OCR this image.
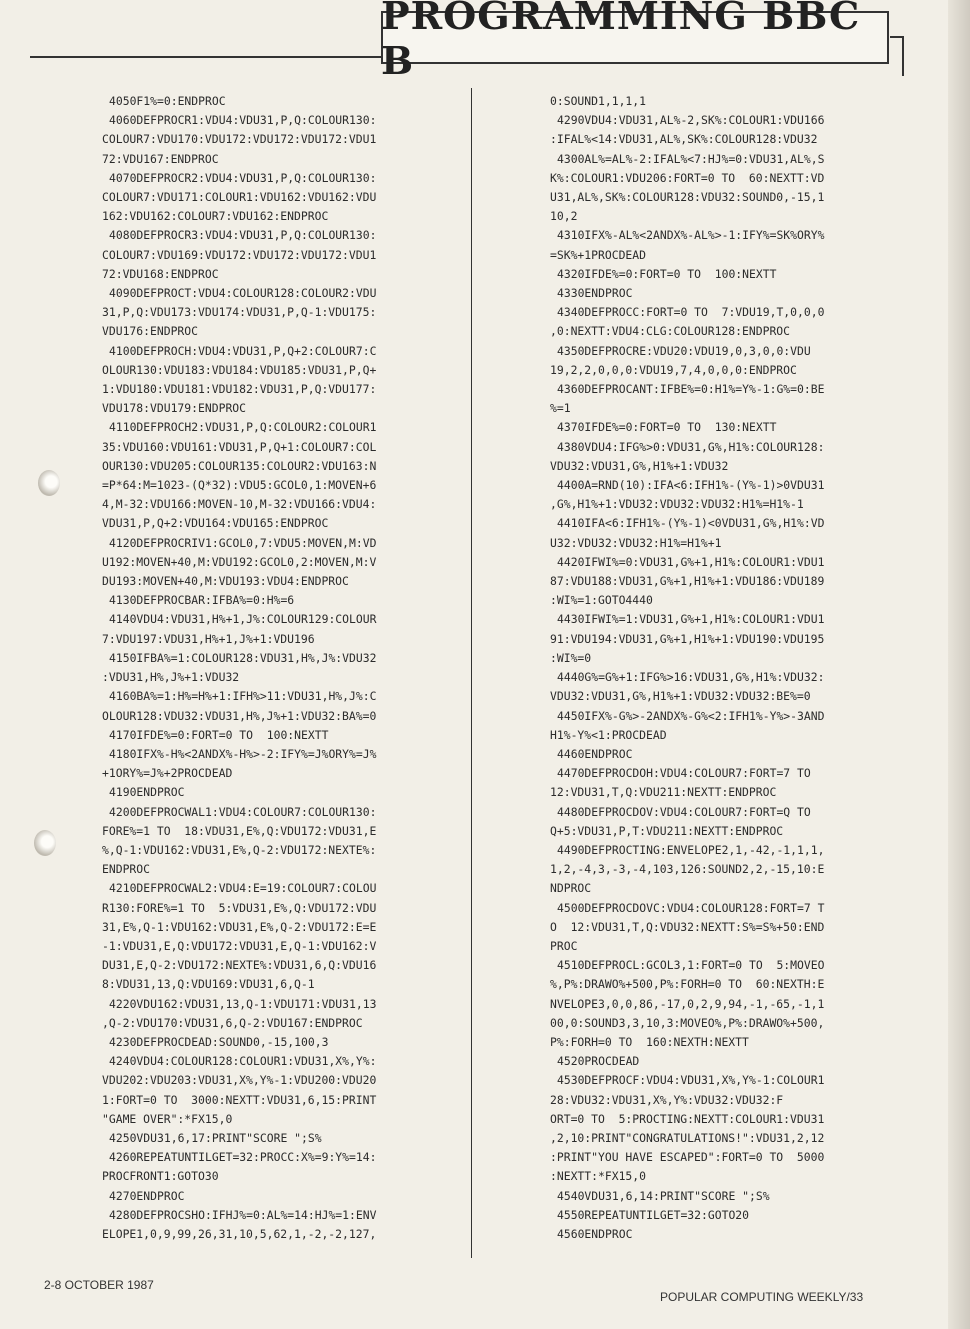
PROGRAMMING BBC B
4050F1%=0:ENDPROC
4060DEFPROCR1:VDU4:VDU31,P,Q:COLOUR130:
COLOUR7:VDU170:VDU172:VDU172:VDU172:VDU1
72:VDU167:ENDPROC
4070DEFPROCR2:VDU4:VDU31,P,Q:COLOUR130:
COLOUR7:VDU171:COLOUR1:VDU162:VDU162:VDU
162:VDU162:COLOUR7:VDU162:ENDPROC
4080DEFPROCR3:VDU4:VDU31,P,Q:COLOUR130:
COLOUR7:VDU169:VDU172:VDU172:VDU172:VDU1
72:VDU168:ENDPROC
4090DEFPROCT:VDU4:COLOUR128:COLOUR2:VDU
31,P,Q:VDU173:VDU174:VDU31,P,Q-1:VDU175:
VDU176:ENDPROC
4100DEFPROCH:VDU4:VDU31,P,Q+2:COLOUR7:C
OLOUR130:VDU183:VDU184:VDU185:VDU31,P,Q+
1:VDU180:VDU181:VDU182:VDU31,P,Q:VDU177:
VDU178:VDU179:ENDPROC
4110DEFPROCH2:VDU31,P,Q:COLOUR2:COLOUR1
35:VDU160:VDU161:VDU31,P,Q+1:COLOUR7:COL
OUR130:VDU205:COLOUR135:COLOUR2:VDU163:N
=P*64:M=1023-(Q*32):VDU5:GCOL0,1:MOVEN+6
4,M-32:VDU166:MOVEN-10,M-32:VDU166:VDU4:
VDU31,P,Q+2:VDU164:VDU165:ENDPROC
4120DEFPROCRIV1:GCOL0,7:VDU5:MOVEN,M:VD
U192:MOVEN+40,M:VDU192:GCOL0,2:MOVEN,M:V
DU193:MOVEN+40,M:VDU193:VDU4:ENDPROC
4130DEFPROCBAR:IFBA%=0:H%=6
4140VDU4:VDU31,H%+1,J%:COLOUR129:COLOUR
7:VDU197:VDU31,H%+1,J%+1:VDU196
4150IFBA%=1:COLOUR128:VDU31,H%,J%:VDU32
:VDU31,H%,J%+1:VDU32
4160BA%=1:H%=H%+1:IFH%>11:VDU31,H%,J%:C
OLOUR128:VDU32:VDU31,H%,J%+1:VDU32:BA%=0
4170IFDE%=0:FORT=0 TO  100:NEXTT
4180IFX%-H%<2ANDX%-H%>-2:IFY%=J%ORY%=J%
+1ORY%=J%+2PROCDEAD
4190ENDPROC
4200DEFPROCWAL1:VDU4:COLOUR7:COLOUR130:
FORE%=1 TO  18:VDU31,E%,Q:VDU172:VDU31,E
%,Q-1:VDU162:VDU31,E%,Q-2:VDU172:NEXTE%:
ENDPROC
4210DEFPROCWAL2:VDU4:E=19:COLOUR7:COLOU
R130:FORE%=1 TO  5:VDU31,E%,Q:VDU172:VDU
31,E%,Q-1:VDU162:VDU31,E%,Q-2:VDU172:E=E
-1:VDU31,E,Q:VDU172:VDU31,E,Q-1:VDU162:V
DU31,E,Q-2:VDU172:NEXTE%:VDU31,6,Q:VDU16
8:VDU31,13,Q:VDU169:VDU31,6,Q-1
4220VDU162:VDU31,13,Q-1:VDU171:VDU31,13
,Q-2:VDU170:VDU31,6,Q-2:VDU167:ENDPROC
4230DEFPROCDEAD:SOUND0,-15,100,3
4240VDU4:COLOUR128:COLOUR1:VDU31,X%,Y%:
VDU202:VDU203:VDU31,X%,Y%-1:VDU200:VDU20
1:FORT=0 TO  3000:NEXTT:VDU31,6,15:PRINT
"GAME OVER":*FX15,0
4250VDU31,6,17:PRINT"SCORE ";S%
4260REPEATUNTILGET=32:PROCC:X%=9:Y%=14:
PROCFRONT1:GOTO30
4270ENDPROC
4280DEFPROCSHO:IFHJ%=0:AL%=14:HJ%=1:ENV
ELOPE1,0,9,99,26,31,10,5,62,1,-2,-2,127,
0:SOUND1,1,1,1
4290VDU4:VDU31,AL%-2,SK%:COLOUR1:VDU166
:IFAL%<14:VDU31,AL%,SK%:COLOUR128:VDU32
4300AL%=AL%-2:IFAL%<7:HJ%=0:VDU31,AL%,S
K%:COLOUR1:VDU206:FORT=0 TO  60:NEXTT:VD
U31,AL%,SK%:COLOUR128:VDU32:SOUND0,-15,1
10,2
4310IFX%-AL%<2ANDX%-AL%>-1:IFY%=SK%ORY%
=SK%+1PROCDEAD
4320IFDE%=0:FORT=0 TO  100:NEXTT
4330ENDPROC
4340DEFPROCC:FORT=0 TO  7:VDU19,T,0,0,0
,0:NEXTT:VDU4:CLG:COLOUR128:ENDPROC
4350DEFPROCRE:VDU20:VDU19,0,3,0,0:VDU
19,2,2,0,0,0:VDU19,7,4,0,0,0:ENDPROC
4360DEFPROCANT:IFBE%=0:H1%=Y%-1:G%=0:BE
%=1
4370IFDE%=0:FORT=0 TO  130:NEXTT
4380VDU4:IFG%>0:VDU31,G%,H1%:COLOUR128:
VDU32:VDU31,G%,H1%+1:VDU32
4400A=RND(10):IFA<6:IFH1%-(Y%-1)>0VDU31
,G%,H1%+1:VDU32:VDU32:VDU32:H1%=H1%-1
4410IFA<6:IFH1%-(Y%-1)<0VDU31,G%,H1%:VD
U32:VDU32:VDU32:H1%=H1%+1
4420IFWI%=0:VDU31,G%+1,H1%:COLOUR1:VDU1
87:VDU188:VDU31,G%+1,H1%+1:VDU186:VDU189
:WI%=1:GOTO4440
4430IFWI%=1:VDU31,G%+1,H1%:COLOUR1:VDU1
91:VDU194:VDU31,G%+1,H1%+1:VDU190:VDU195
:WI%=0
4440G%=G%+1:IFG%>16:VDU31,G%,H1%:VDU32:
VDU32:VDU31,G%,H1%+1:VDU32:VDU32:BE%=0
4450IFX%-G%>-2ANDX%-G%<2:IFH1%-Y%>-3AND
H1%-Y%<1:PROCDEAD
4460ENDPROC
4470DEFPROCDOH:VDU4:COLOUR7:FORT=7 TO
12:VDU31,T,Q:VDU211:NEXTT:ENDPROC
4480DEFPROCDOV:VDU4:COLOUR7:FORT=Q TO
Q+5:VDU31,P,T:VDU211:NEXTT:ENDPROC
4490DEFPROCTING:ENVELOPE2,1,-42,-1,1,1,
1,2,-4,3,-3,-4,103,126:SOUND2,2,-15,10:E
NDPROC
4500DEFPROCDOVC:VDU4:COLOUR128:FORT=7 T
O  12:VDU31,T,Q:VDU32:NEXTT:S%=S%+50:END
PROC
4510DEFPROCL:GCOL3,1:FORT=0 TO  5:MOVEO
%,P%:DRAWO%+500,P%:FORH=0 TO  60:NEXTH:E
NVELOPE3,0,0,86,-17,0,2,9,94,-1,-65,-1,1
00,0:SOUND3,3,10,3:MOVEO%,P%:DRAWO%+500,
P%:FORH=0 TO  160:NEXTH:NEXTT
4520PROCDEAD
4530DEFPROCF:VDU4:VDU31,X%,Y%-1:COLOUR1
28:VDU32:VDU31,X%,Y%:VDU32:VDU32:F
ORT=0 TO  5:PROCTING:NEXTT:COLOUR1:VDU31
,2,10:PRINT"CONGRATULATIONS!":VDU31,2,12
:PRINT"YOU HAVE ESCAPED":FORT=0 TO  5000
:NEXTT:*FX15,0
4540VDU31,6,14:PRINT"SCORE ";S%
4550REPEATUNTILGET=32:GOTO20
4560ENDPROC
2-8 OCTOBER 1987
POPULAR COMPUTING WEEKLY/33
